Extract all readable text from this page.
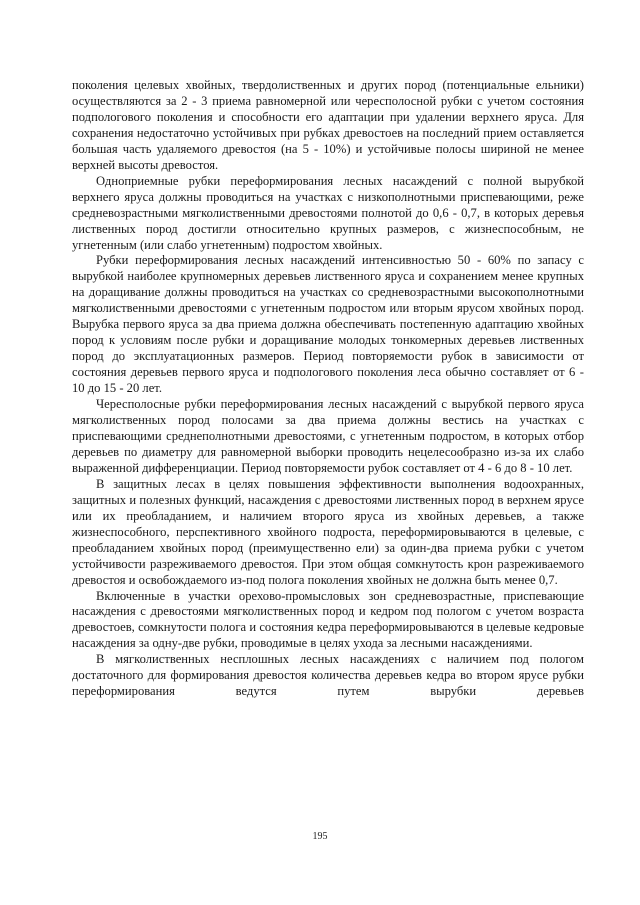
поколения целевых хвойных, твердолиственных и других пород (потенциальные ельники) осуществляются за 2 - 3 приема равномерной или чересполосной рубки с учетом состояния подпологового поколения и способности его адаптации при удалении верхнего яруса. Для сохранения недостаточно устойчивых при рубках древостоев на последний прием оставляется большая часть удаляемого древостоя (на 5 - 10%) и устойчивые полосы шириной не менее верхней высоты древостоя.

Одноприемные рубки переформирования лесных насаждений с полной вырубкой верхнего яруса должны проводиться на участках с низкополнотными приспевающими, реже средневозрастными мягколиственными древостоями полнотой до 0,6 - 0,7, в которых деревья лиственных пород достигли относительно крупных размеров, с жизнеспособным, не угнетенным (или слабо угнетенным) подростом хвойных.

Рубки переформирования лесных насаждений интенсивностью 50 - 60% по запасу с вырубкой наиболее крупномерных деревьев лиственного яруса и сохранением менее крупных на доращивание должны проводиться на участках со средневозрастными высокополнотными мягколиственными древостоями с угнетенным подростом или вторым ярусом хвойных пород. Вырубка первого яруса за два приема должна обеспечивать постепенную адаптацию хвойных пород к условиям после рубки и доращивание молодых тонкомерных деревьев лиственных пород до эксплуатационных размеров. Период повторяемости рубок в зависимости от состояния деревьев первого яруса и подпологового поколения леса обычно составляет от 6 - 10 до 15 - 20 лет.

Чересполосные рубки переформирования лесных насаждений с вырубкой первого яруса мягколиственных пород полосами за два приема должны вестись на участках с приспевающими среднеполнотными древостоями, с угнетенным подростом, в которых отбор деревьев по диаметру для равномерной выборки проводить нецелесообразно из-за их слабо выраженной дифференциации. Период повторяемости рубок составляет от 4 - 6 до 8 - 10 лет.

В защитных лесах в целях повышения эффективности выполнения водоохранных, защитных и полезных функций, насаждения с древостоями лиственных пород в верхнем ярусе или их преобладанием, и наличием второго яруса из хвойных деревьев, а также жизнеспособного, перспективного хвойного подроста, переформировываются в целевые, с преобладанием хвойных пород (преимущественно ели) за один-два приема рубки с учетом устойчивости разреживаемого древостоя. При этом общая сомкнутость крон разреживаемого древостоя и освобождаемого из-под полога поколения хвойных не должна быть менее 0,7.

Включенные в участки орехово-промысловых зон средневозрастные, приспевающие насаждения с древостоями мягколиственных пород и кедром под пологом с учетом возраста древостоев, сомкнутости полога и состояния кедра переформировываются в целевые кедровые насаждения за одну-две рубки, проводимые в целях ухода за лесными насаждениями.

В мягколиственных несплошных лесных насаждениях с наличием под пологом достаточного для формирования древостоя количества деревьев кедра во втором ярусе рубки переформирования ведутся путем вырубки деревьев

195
